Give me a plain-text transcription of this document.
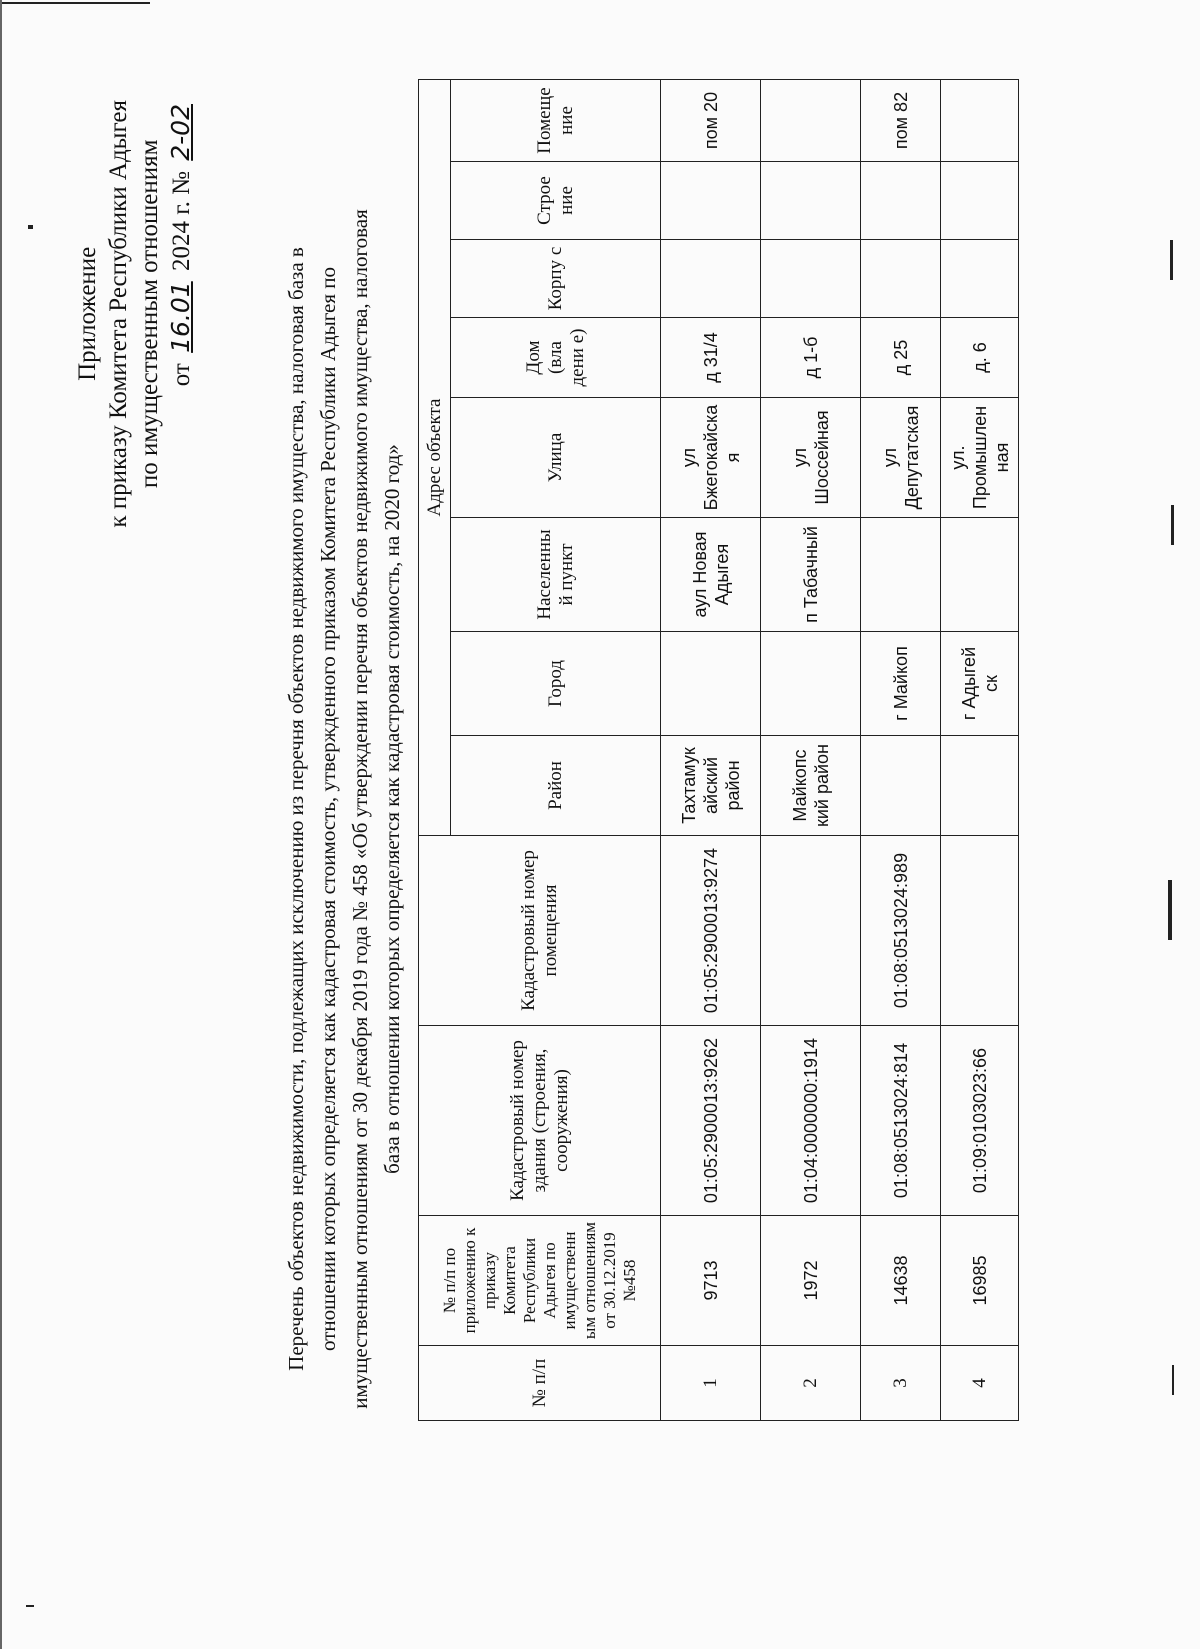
Приложение к приказу Комитета Республики Адыгея по имущественным отношениям от 16.01 2024 г. № 2-02
Перечень объектов недвижимости, подлежащих исключению из перечня объектов недвижимого имущества, налоговая база в отношении которых определяется как кадастровая стоимость, утвержденного приказом Комитета Республики Адыгея по имущественным отношениям от 30 декабря 2019 года № 458 «Об утверждении перечня объектов недвижимого имущества, налоговая база в отношении которых определяется как кадастровая стоимость, на 2020 год»
№ п/п	№ п/п по приложению к приказу Комитета Республики Адыгея по имущественн ым отношениям от 30.12.2019 №458	Кадастровый номер здания (строения, сооружения)	Кадастровый номер помещения	Адрес объекта							
				Район	Город	Населенны й пункт	Улица	Дом (вла дени е)	Корпу с	Строе ние	Помеще ние
1	9713	01:05:2900013:9262	01:05:2900013:9274	Тахтамук айский район		аул Новая Адыгея	ул Бжегокайска я	д 31/4			пом 20
2	1972	01:04:0000000:1914		Майкопс кий район		п Табачный	ул Шоссейная	д 1-б			
3	14638	01:08:0513024:814	01:08:0513024:989		г Майкоп		ул Депутатская	д 25			пом 82
4	16985	01:09:0103023:66			г Адыгей ск		ул. Промышлен ная	д. 6			
